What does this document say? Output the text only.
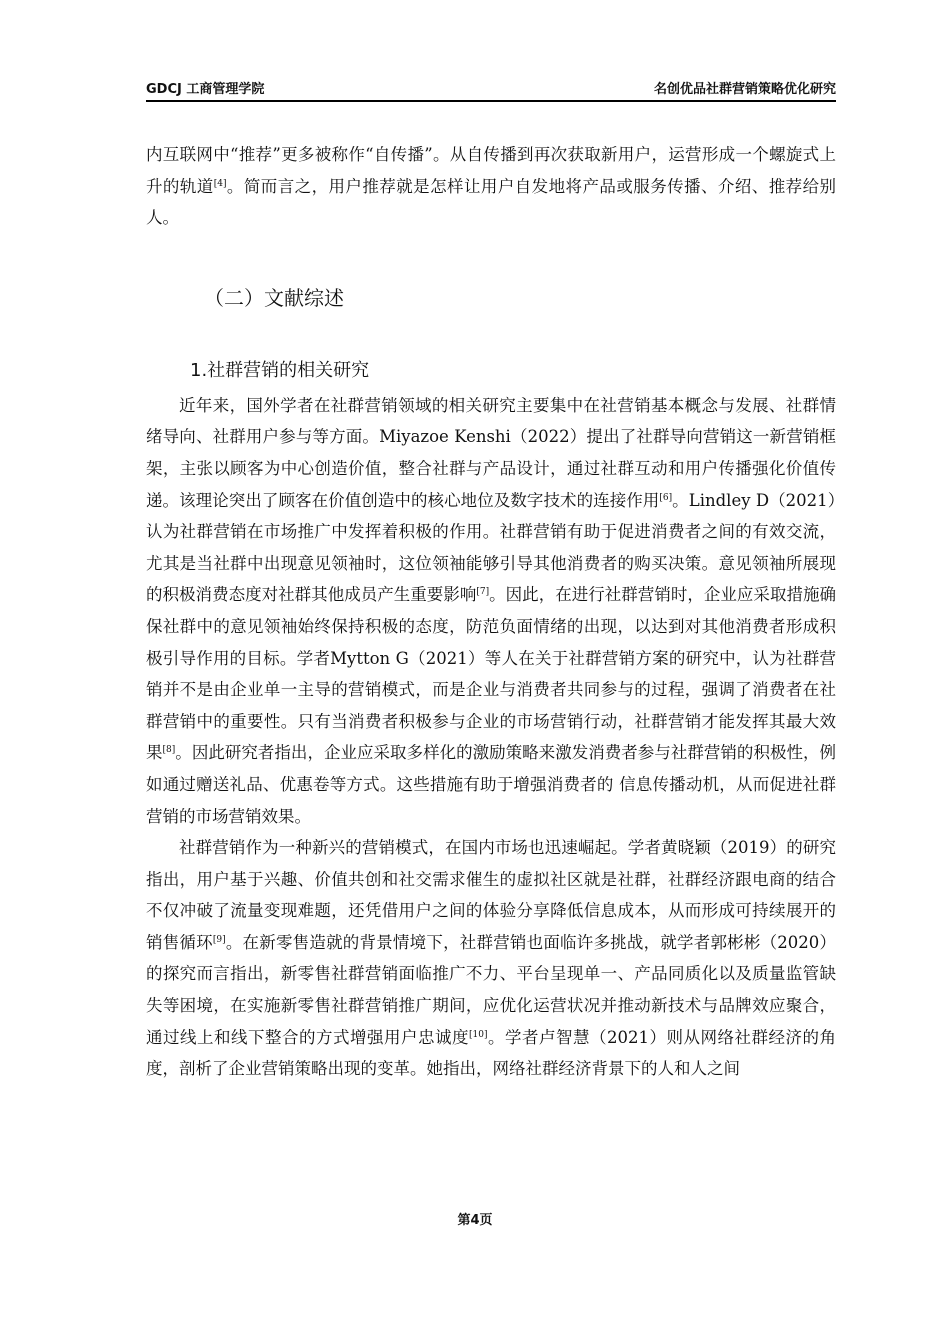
GDCJ 工商管理学院	名创优品社群营销策略优化研究

内互联网中“推荐”更多被称作“自传播”。从自传播到再次获取新用户，运营形成一个螺旋式上升的轨道[4]。简而言之，用户推荐就是怎样让用户自发地将产品或服务传播、介绍、推荐给别人。

（二）文献综述
1.社群营销的相关研究

近年来，国外学者在社群营销领域的相关研究主要集中在社营销基本概念与发展、社群情绪导向、社群用户参与等方面。Miyazoe Kenshi（2022）提出了社群导向营销这一新营销框架，主张以顾客为中心创造价值，整合社群与产品设计，通过社群互动和用户传播强化价值传递。该理论突出了顾客在价值创造中的核心地位及数字技术的连接作用[6]。Lindley D（2021）认为社群营销在市场推广中发挥着积极的作用。社群营销有助于促进消费者之间的有效交流，尤其是当社群中出现意见领袖时，这位领袖能够引导其他消费者的购买决策。意见领袖所展现的积极消费态度对社群其他成员产生重要影响[7]。因此，在进行社群营销时，企业应采取措施确保社群中的意见领袖始终保持积极的态度，防范负面情绪的出现，以达到对其他消费者形成积极引导作用的目标。学者Mytton G（2021）等人在关于社群营销方案的研究中，认为社群营销并不是由企业单一主导的营销模式，而是企业与消费者共同参与的过程，强调了消费者在社群营销中的重要性。只有当消费者积极参与企业的市场营销行动，社群营销才能发挥其最大效果[8]。因此研究者指出，企业应采取多样化的激励策略来激发消费者参与社群营销的积极性，例如通过赠送礼品、优惠卷等方式。这些措施有助于增强消费者的 信息传播动机，从而促进社群营销的市场营销效果。

社群营销作为一种新兴的营销模式，在国内市场也迅速崛起。学者黄晓颖（2019）的研究指出，用户基于兴趣、价值共创和社交需求催生的虚拟社区就是社群，社群经济跟电商的结合不仅冲破了流量变现难题，还凭借用户之间的体验分享降低信息成本，从而形成可持续展开的销售循环[9]。在新零售造就的背景情境下，社群营销也面临许多挑战，就学者郭彬彬（2020）的探究而言指出，新零售社群营销面临推广不力、平台呈现单一、产品同质化以及质量监管缺失等困境，在实施新零售社群营销推广期间，应优化运营状况并推动新技术与品牌效应聚合，通过线上和线下整合的方式增强用户忠诚度[10]。学者卢智慧（2021）则从网络社群经济的角度，剖析了企业营销策略出现的变革。她指出，网络社群经济背景下的人和人之间

第4页
